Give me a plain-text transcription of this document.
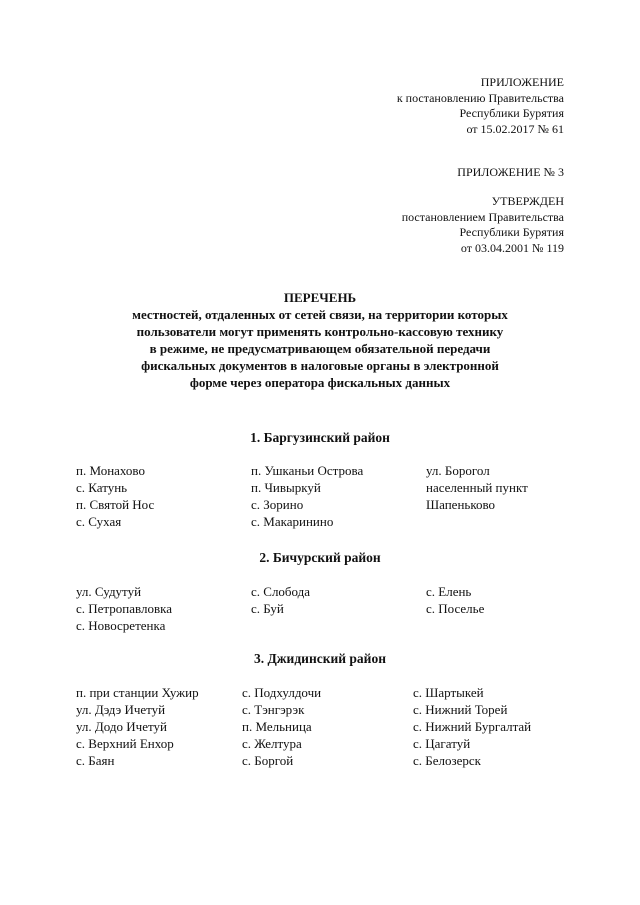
ПРИЛОЖЕНИЕ
к постановлению Правительства
Республики Бурятия
от 15.02.2017 № 61
ПРИЛОЖЕНИЕ № 3
УТВЕРЖДЕН
постановлением Правительства
Республики Бурятия
от 03.04.2001 № 119
ПЕРЕЧЕНЬ
местностей, отдаленных от сетей связи, на территории которых
пользователи могут применять контрольно-кассовую технику
в режиме, не предусматривающем обязательной передачи
фискальных документов в налоговые органы в электронной
форме через оператора фискальных данных
1. Баргузинский район
п. Монахово
с. Катунь
п. Святой Нос
с. Сухая
п. Ушканьи Острова
п. Чивыркуй
с. Зорино
с. Макаринино
ул. Борогол
населенный пункт
Шапеньково
2. Бичурский район
ул. Судутуй
с. Петропавловка
с. Новосретенка
с. Слобода
с. Буй
с. Елень
с. Поселье
3. Джидинский район
п. при станции Хужир
ул. Дэдэ Ичетуй
ул. Додо Ичетуй
с. Верхний Енхор
с. Баян
с. Подхулдочи
с. Тэнгэрэк
п. Мельница
с. Желтура
с. Боргой
с. Шартыкей
с. Нижний Торей
с. Нижний Бургалтай
с. Цагатуй
с. Белозерск
